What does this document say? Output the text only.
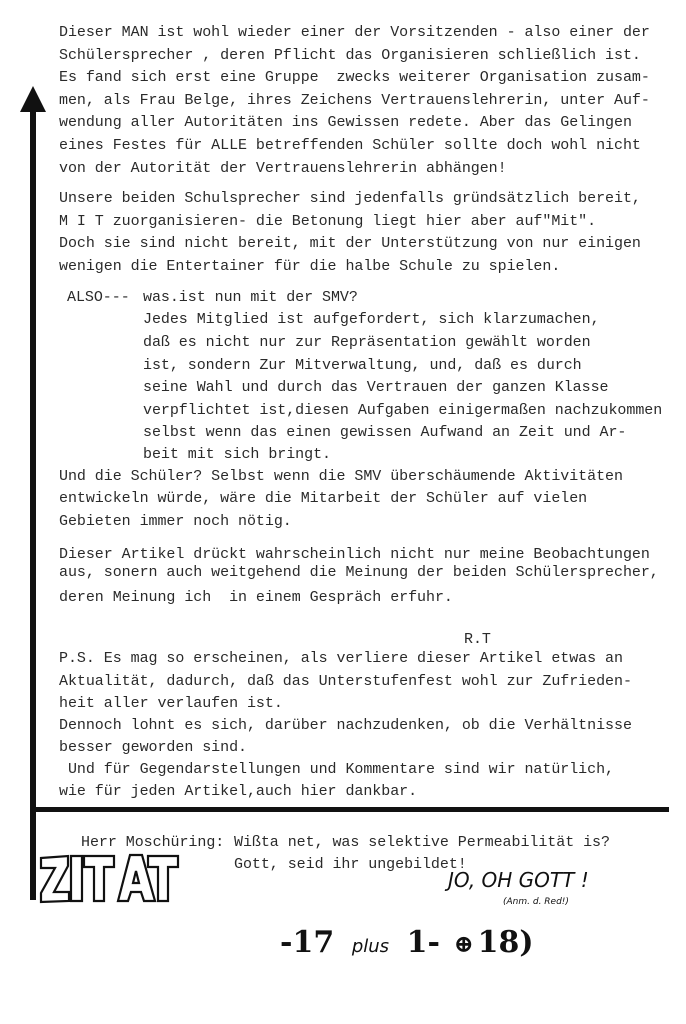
Dieser MAN ist wohl wieder einer der Vorsitzenden - also einer der
Schülersprecher , deren Pflicht das Organisieren schließlich ist.
Es fand sich erst eine Gruppe  zwecks weiterer Organisation zusam-
men, als Frau Belge, ihres Zeichens Vertrauenslehrerin, unter Auf-
wendung aller Autoritäten ins Gewissen redete. Aber das Gelingen
eines Festes für ALLE betreffenden Schüler sollte doch wohl nicht
von der Autorität der Vertrauenslehrerin abhängen!
Unsere beiden Schulsprecher sind jedenfalls gründsätzlich bereit,
M I T zuorganisieren- die Betonung liegt hier aber auf"Mit".
Doch sie sind nicht bereit, mit der Unterstützung von nur einigen
wenigen die Entertainer für die halbe Schule zu spielen.
ALSO--- was.ist nun mit der SMV?
Jedes Mitglied ist aufgefordert, sich klarzumachen,
daß es nicht nur zur Repräsentation gewählt worden
ist, sondern Zur Mitverwaltung, und, daß es durch
seine Wahl und durch das Vertrauen der ganzen Klasse
verpflichtet ist,diesen Aufgaben einigermaßen nachzukommen
selbst wenn das einen gewissen Aufwand an Zeit und Ar-
beit mit sich bringt.
Und die Schüler? Selbst wenn die SMV überschäumende Aktivitäten
entwickeln würde, wäre die Mitarbeit der Schüler auf vielen
Gebieten immer noch nötig.
Dieser Artikel drückt wahrscheinlich nicht nur meine Beobachtungen
aus, sonern auch weitgehend die Meinung der beiden Schülersprecher,
deren Meinung ich  in einem Gespräch erfuhr.
R.T
P.S. Es mag so erscheinen, als verliere dieser Artikel etwas an
Aktualität, dadurch, daß das Unterstufenfest wohl zur Zufrieden-
heit aller verlaufen ist.
Dennoch lohnt es sich, darüber nachzudenken, ob die Verhältnisse
besser geworden sind.
Und für Gegendarstellungen und Kommentare sind wir natürlich,
wie für jeden Artikel,auch hier dankbar.
Herr Moschüring: Wißta net, was selektive Permeabilität is?
Gott, seid ihr ungebildet!
JO, OH GOTT !
(Anm. d. Red!)
-17 plus 1- ⊕ 18)
